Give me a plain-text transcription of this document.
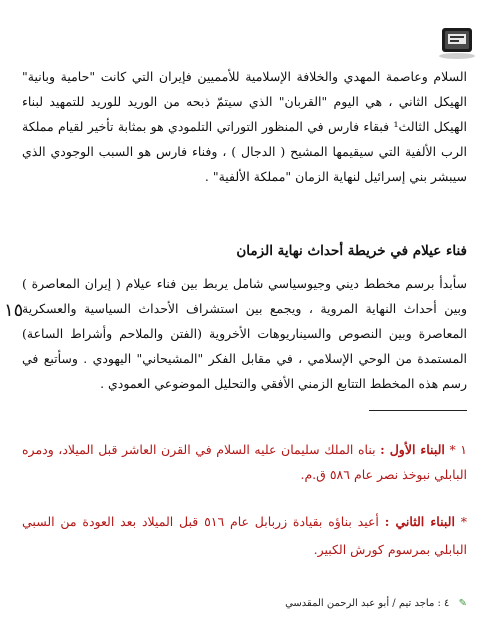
السلام وعاصمة المهدي والخلافة الإسلامية للأمميين فإيران التي كانت "حامية وبانية" الهيكل الثاني ، هي اليوم "القربان" الذي سيتمّ ذبحه من الوريد للوريد للتمهيد لبناء الهيكل الثالث¹ فبقاء فارس في المنظور التوراتي التلمودي هو بمثابة تأخير لقيام مملكة الرب الألفية التي سيقيمها المشيح ( الدجال ) ، وفناء فارس هو السبب الوجودي الذي سيبشر بني إسرائيل لنهاية الزمان "مملكة الألفية" .
فناء عيلام في خريطة أحداث نهاية الزمان
سأبدأ برسم مخطط ديني وجيوسياسي شامل يربط بين فناء عيلام ( إيران المعاصرة ) وبين أحداث النهاية المروية ، ويجمع بين استشراف الأحداث السياسية والعسكرية المعاصرة وبين النصوص والسيناريوهات الأخروية (الفتن والملاحم وأشراط الساعة) المستمدة من الوحي الإسلامي ، في مقابل الفكر "المشيحاني" اليهودي . وسأتبع في رسم هذه المخطط التتابع الزمني الأفقي والتحليل الموضوعي العمودي .
١٥
١ * البناء الأول : بناه الملك سليمان عليه السلام في القرن العاشر قبل الميلاد، ودمره البابلي نبوخذ نصر عام ٥٨٦ ق.م.
* البناء الثاني : أعيد بناؤه بقيادة زربابل عام ٥١٦ قبل الميلاد بعد العودة من السبي البابلي بمرسوم كورش الكبير.
✎ ٤ : ماجد تيم / أبو عبد الرحمن المقدسي
